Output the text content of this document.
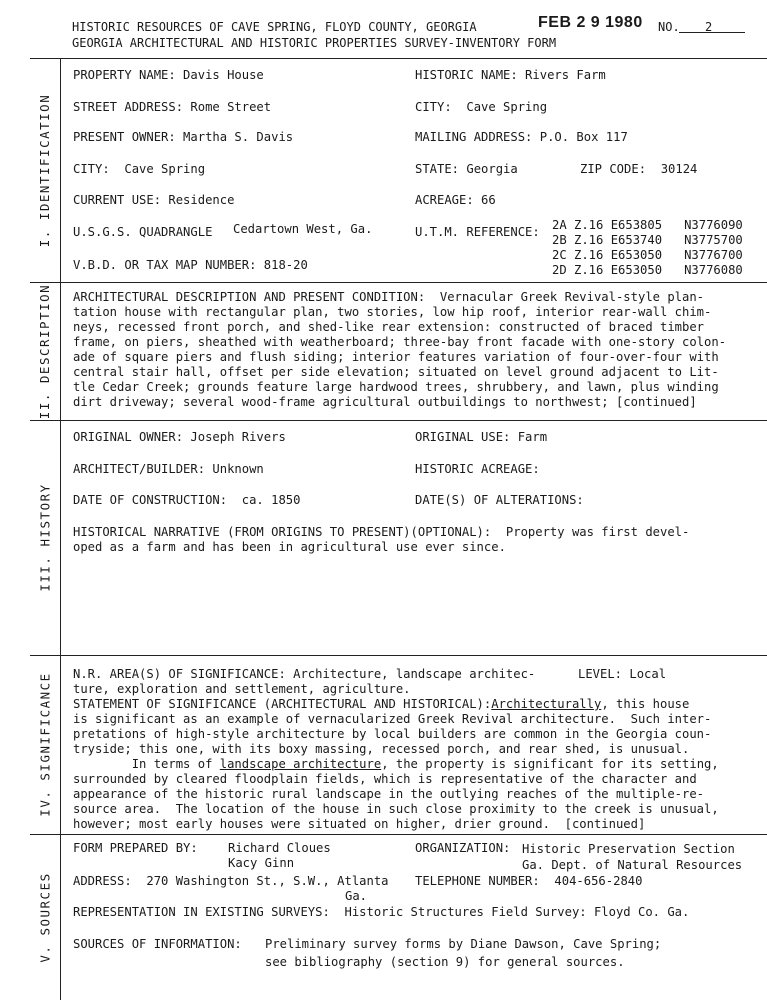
HISTORIC RESOURCES OF CAVE SPRING, FLOYD COUNTY, GEORGIA	FEB 2 9 1980 NO. 2
GEORGIA ARCHITECTURAL AND HISTORIC PROPERTIES SURVEY-INVENTORY FORM
I. IDENTIFICATION
II. DESCRIPTION
III. HISTORY
IV. SIGNIFICANCE
V. SOURCES
PROPERTY NAME: Davis House	HISTORIC NAME: Rivers Farm
STREET ADDRESS: Rome Street	CITY:  Cave Spring
PRESENT OWNER: Martha S. Davis	MAILING ADDRESS: P.O. Box 117
CITY:  Cave Spring	STATE: Georgia	ZIP CODE:  30124
CURRENT USE: Residence	ACREAGE: 66
U.S.G.S. QUADRANGLE Cedartown West, Ga.	U.T.M. REFERENCE: 2A Z.16 E653805   N3776090
2B Z.16 E653740   N3775700
2C Z.16 E653050   N3776700
2D Z.16 E653050   N3776080
V.B.D. OR TAX MAP NUMBER: 818-20

ARCHITECTURAL DESCRIPTION AND PRESENT CONDITION:  Vernacular Greek Revival-style plan-

tation house with rectangular plan, two stories, low hip roof, interior rear-wall chim-

neys, recessed front porch, and shed-like rear extension: constructed of braced timber

frame, on piers, sheathed with weatherboard; three-bay front facade with one-story colon-

ade of square piers and flush siding; interior features variation of four-over-four with

central stair hall, offset per side elevation; situated on level ground adjacent to Lit-

tle Cedar Creek; grounds feature large hardwood trees, shrubbery, and lawn, plus winding

dirt driveway; several wood-frame agricultural outbuildings to northwest; [continued]

ORIGINAL OWNER: Joseph Rivers	ORIGINAL USE: Farm
ARCHITECT/BUILDER: Unknown	HISTORIC ACREAGE:
DATE OF CONSTRUCTION:  ca. 1850	DATE(S) OF ALTERATIONS:

HISTORICAL NARRATIVE (FROM ORIGINS TO PRESENT)(OPTIONAL):  Property was first devel-

oped as a farm and has been in agricultural use ever since.

N.R. AREA(S) OF SIGNIFICANCE: Architecture, landscape architec-	LEVEL: Local
ture, exploration and settlement, agriculture.

STATEMENT OF SIGNIFICANCE (ARCHITECTURAL AND HISTORICAL):Architecturally, this house

is significant as an example of vernacularized Greek Revival architecture.  Such inter-

pretations of high-style architecture by local builders are common in the Georgia coun-

tryside; this one, with its boxy massing, recessed porch, and rear shed, is unusual.

In terms of landscape architecture, the property is significant for its setting,

surrounded by cleared floodplain fields, which is representative of the character and

appearance of the historic rural landscape in the outlying reaches of the multiple-re-

source area.  The location of the house in such close proximity to the creek is unusual,

however; most early houses were situated on higher, drier ground.  [continued]

FORM PREPARED BY: Richard Cloues
Kacy Ginn
ORGANIZATION: Historic Preservation Section
Ga. Dept. of Natural Resources
ADDRESS:  270 Washington St., S.W., Atlanta
Ga.
TELEPHONE NUMBER:  404-656-2840
REPRESENTATION IN EXISTING SURVEYS:  Historic Structures Field Survey: Floyd Co. Ga.
SOURCES OF INFORMATION: Preliminary survey forms by Diane Dawson, Cave Spring;
see bibliography (section 9) for general sources.
